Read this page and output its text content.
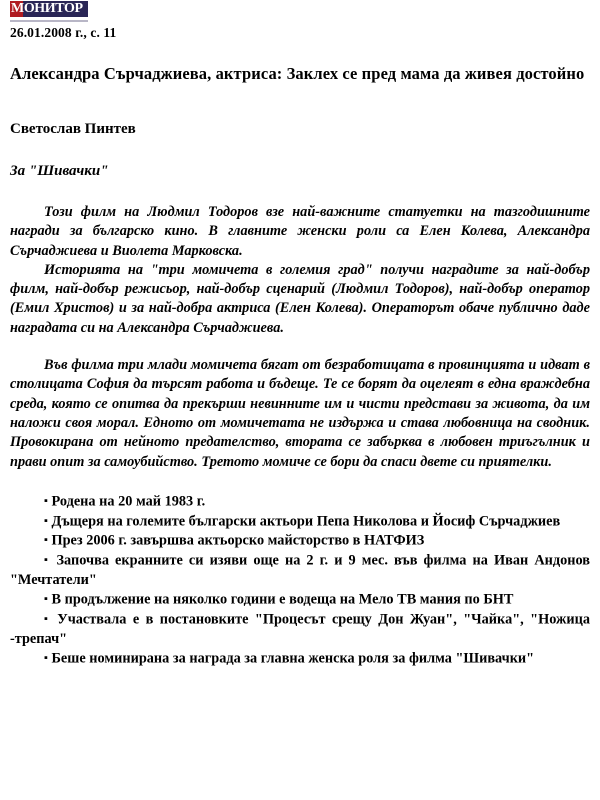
МОНИТОР
26.01.2008 г., с. 11
Александра Сърчаджиева, актриса: Заклех се пред мама да живея достойно
Светослав Пинтев
За "Шивачки"

Този филм на Людмил Тодоров взе най-важните статуетки на тазгодишните награди за българско кино. В главните женски роли са Елен Колева, Александра Сърчаджиева и Виолета Марковска.

Историята на "три момичета в големия град" получи наградите за най-добър филм, най-добър режисьор, най-добър сценарий (Людмил Тодоров), най-добър оператор (Емил Христов) и за най-добра актриса (Елен Колева). Операторът обаче публично даде наградата си на Александра Сърчаджиева.

Във филма три млади момичета бягат от безработицата в провинцията и идват в столицата София да търсят работа и бъдеще. Те се борят да оцелеят в една враждебна среда, която се опитва да прекърши невинните им и чисти представи за живота, да им наложи своя морал. Едното от момичетата не издържа и става любовница на сводник. Провокирана от нейното предателство, втората се забърква в любовен триъгълник и прави опит за самоубийство. Третото момиче се бори да спаси двете си приятелки.

▪ Родена на 20 май 1983 г.

▪ Дъщеря на големите български актьори Пепа Николова и Йосиф Сърчаджиев

▪ През 2006 г. завършва актьорско майсторство в НАТФИЗ

▪ Започва екранните си изяви още на 2 г. и 9 мес. във филма на Иван Андонов "Мечтатели"

▪ В продължение на няколко години е водеща на Мело ТВ мания по БНТ

▪ Участвала е в постановките "Процесът срещу Дон Жуан", "Чайка", "Ножица -трепач"

▪ Беше номинирана за награда за главна женска роля за филма "Шивачки"
